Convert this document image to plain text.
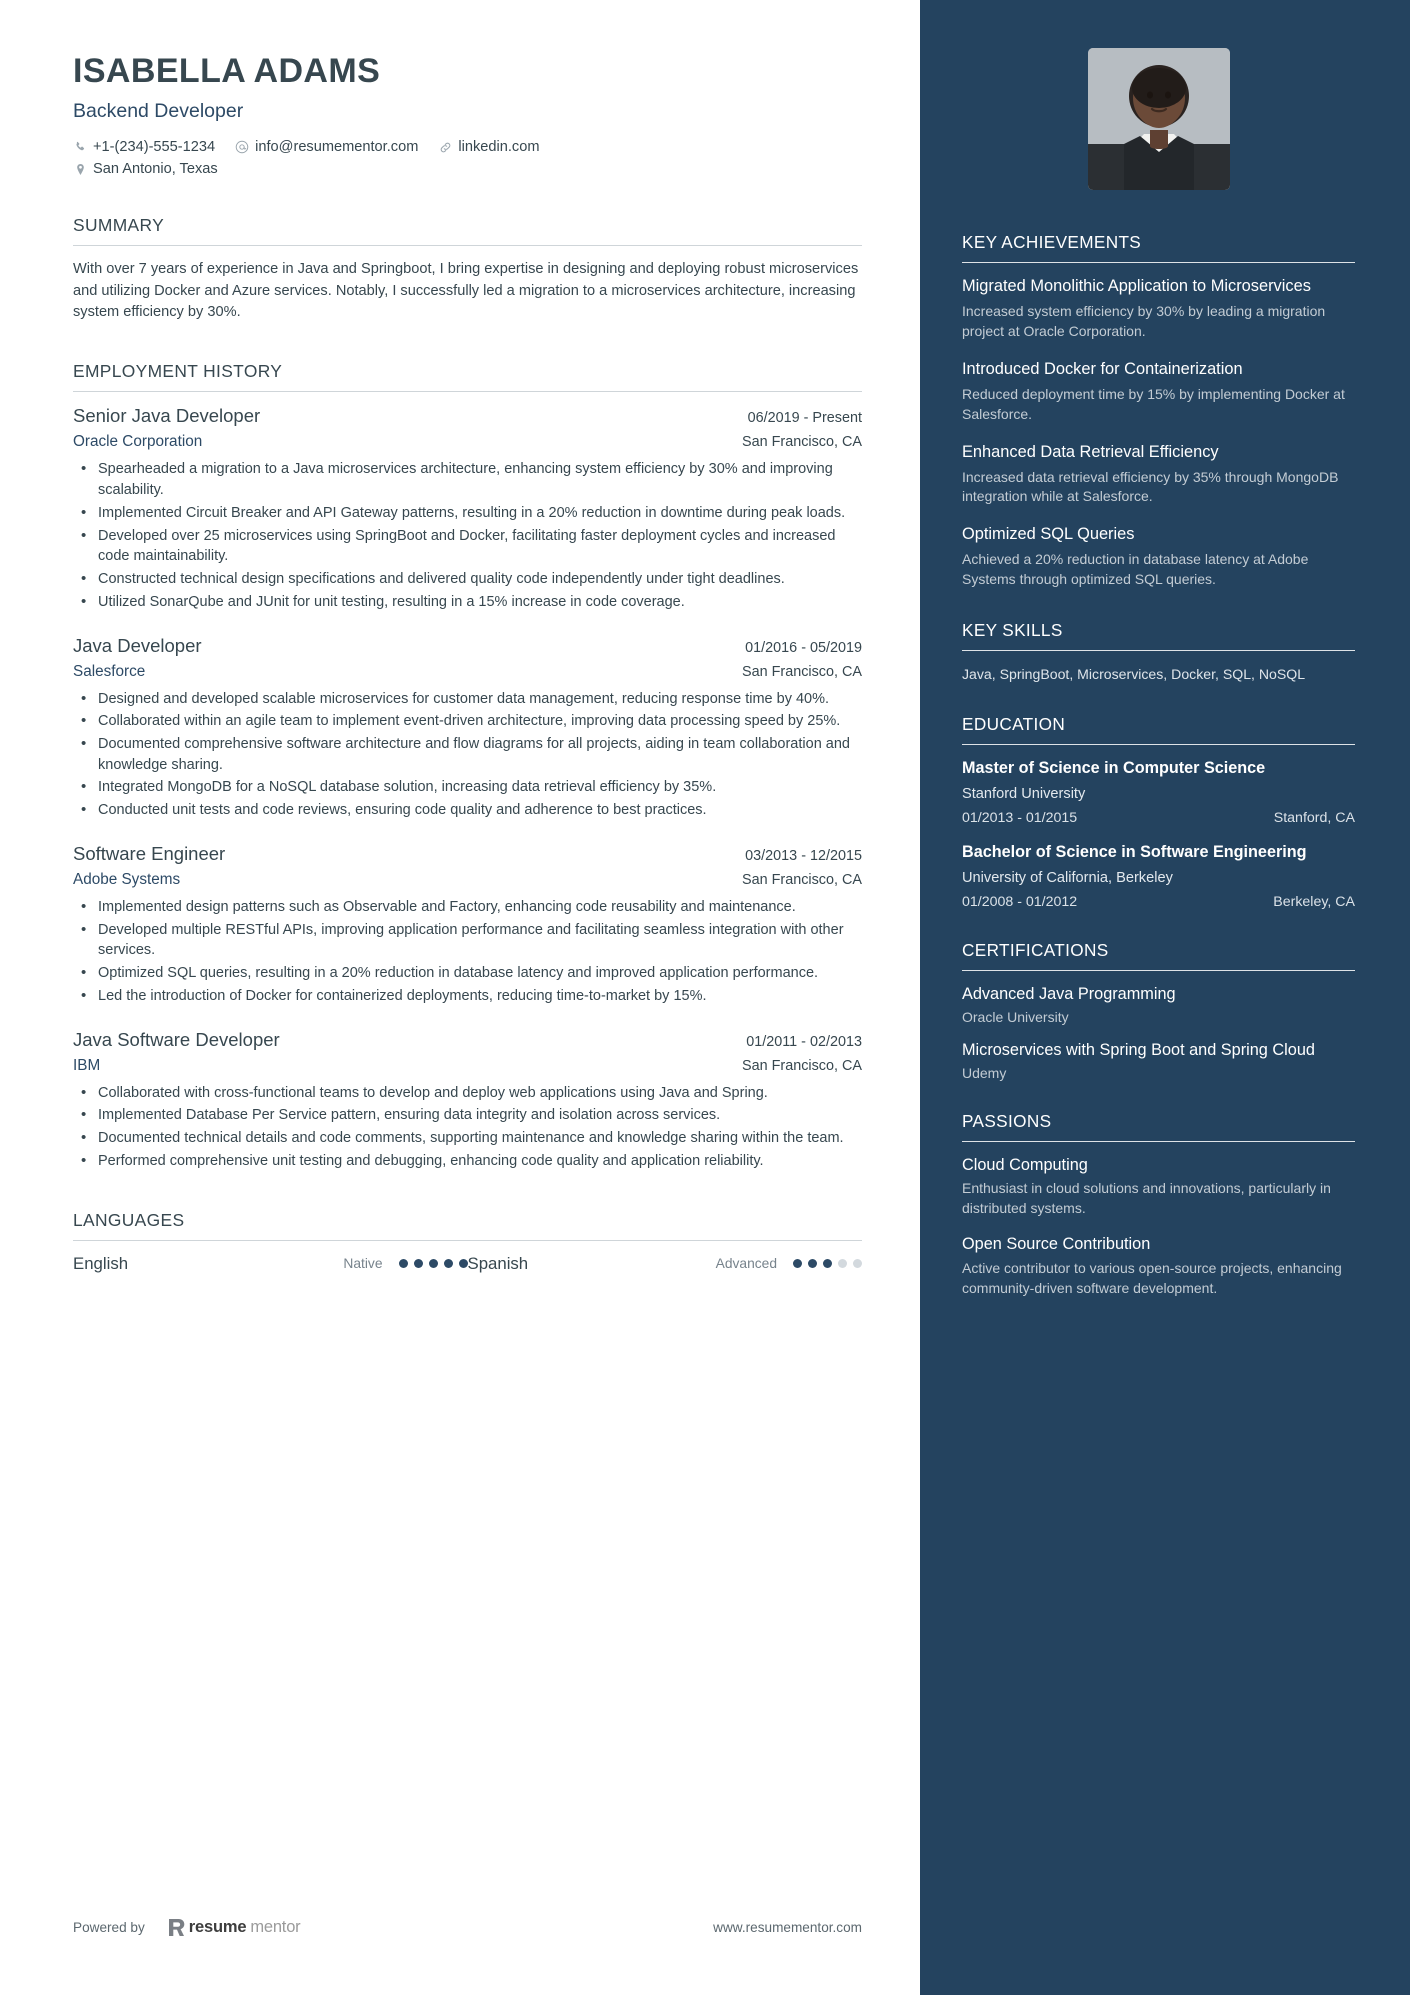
ISABELLA ADAMS
Backend Developer
+1-(234)-555-1234	info@resumementor.com	linkedin.com
San Antonio, Texas
SUMMARY
With over 7 years of experience in Java and Springboot, I bring expertise in designing and deploying robust microservices and utilizing Docker and Azure services. Notably, I successfully led a migration to a microservices architecture, increasing system efficiency by 30%.
EMPLOYMENT HISTORY
Senior Java Developer	06/2019 - Present
Oracle Corporation	San Francisco, CA
• Spearheaded a migration to a Java microservices architecture, enhancing system efficiency by 30% and improving scalability.
• Implemented Circuit Breaker and API Gateway patterns, resulting in a 20% reduction in downtime during peak loads.
• Developed over 25 microservices using SpringBoot and Docker, facilitating faster deployment cycles and increased code maintainability.
• Constructed technical design specifications and delivered quality code independently under tight deadlines.
• Utilized SonarQube and JUnit for unit testing, resulting in a 15% increase in code coverage.
Java Developer	01/2016 - 05/2019
Salesforce	San Francisco, CA
• Designed and developed scalable microservices for customer data management, reducing response time by 40%.
• Collaborated within an agile team to implement event-driven architecture, improving data processing speed by 25%.
• Documented comprehensive software architecture and flow diagrams for all projects, aiding in team collaboration and knowledge sharing.
• Integrated MongoDB for a NoSQL database solution, increasing data retrieval efficiency by 35%.
• Conducted unit tests and code reviews, ensuring code quality and adherence to best practices.
Software Engineer	03/2013 - 12/2015
Adobe Systems	San Francisco, CA
• Implemented design patterns such as Observable and Factory, enhancing code reusability and maintenance.
• Developed multiple RESTful APIs, improving application performance and facilitating seamless integration with other services.
• Optimized SQL queries, resulting in a 20% reduction in database latency and improved application performance.
• Led the introduction of Docker for containerized deployments, reducing time-to-market by 15%.
Java Software Developer	01/2011 - 02/2013
IBM	San Francisco, CA
• Collaborated with cross-functional teams to develop and deploy web applications using Java and Spring.
• Implemented Database Per Service pattern, ensuring data integrity and isolation across services.
• Documented technical details and code comments, supporting maintenance and knowledge sharing within the team.
• Performed comprehensive unit testing and debugging, enhancing code quality and application reliability.
LANGUAGES
English	Native	Spanish	Advanced
Powered by	resume mentor	www.resumementor.com
KEY ACHIEVEMENTS
Migrated Monolithic Application to Microservices
Increased system efficiency by 30% by leading a migration project at Oracle Corporation.
Introduced Docker for Containerization
Reduced deployment time by 15% by implementing Docker at Salesforce.
Enhanced Data Retrieval Efficiency
Increased data retrieval efficiency by 35% through MongoDB integration while at Salesforce.
Optimized SQL Queries
Achieved a 20% reduction in database latency at Adobe Systems through optimized SQL queries.
KEY SKILLS
Java, SpringBoot, Microservices, Docker, SQL, NoSQL
EDUCATION
Master of Science in Computer Science
Stanford University
01/2013 - 01/2015	Stanford, CA
Bachelor of Science in Software Engineering
University of California, Berkeley
01/2008 - 01/2012	Berkeley, CA
CERTIFICATIONS
Advanced Java Programming
Oracle University
Microservices with Spring Boot and Spring Cloud
Udemy
PASSIONS
Cloud Computing
Enthusiast in cloud solutions and innovations, particularly in distributed systems.
Open Source Contribution
Active contributor to various open-source projects, enhancing community-driven software development.
